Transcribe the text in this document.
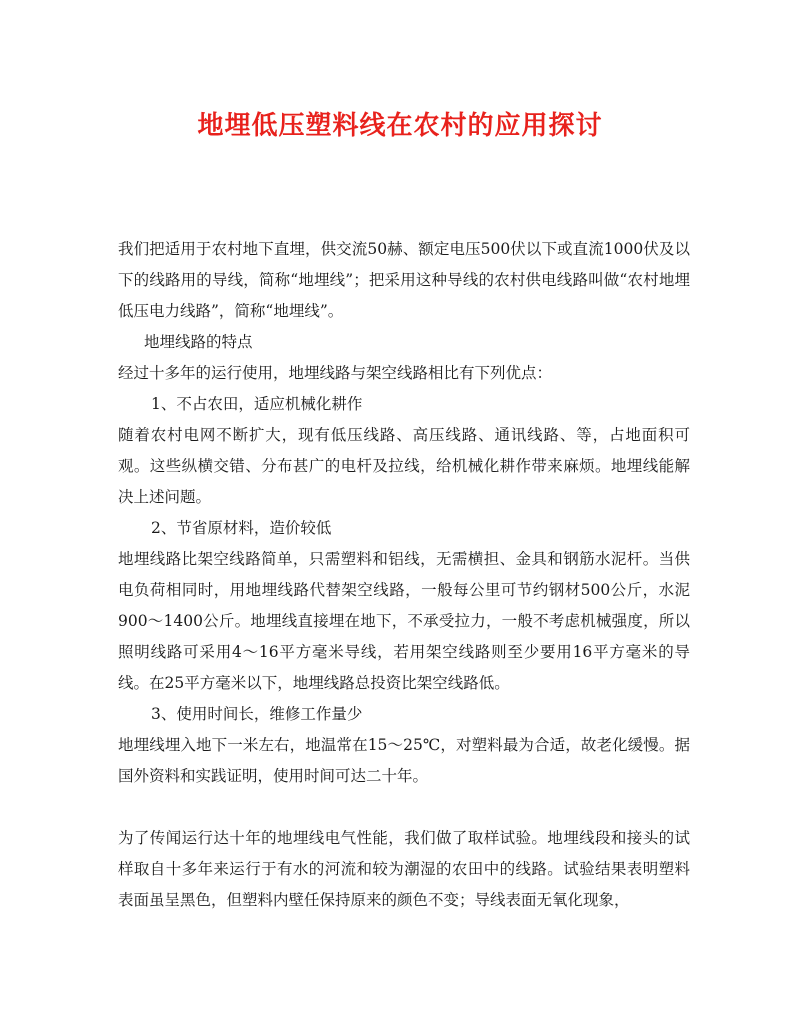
地埋低压塑料线在农村的应用探讨

我们把适用于农村地下直埋，供交流50赫、额定电压500伏以下或直流1000伏及以下的线路用的导线，简称“地埋线”；把采用这种导线的农村供电线路叫做“农村地埋低压电力线路”，简称“地埋线”。

地埋线路的特点

经过十多年的运行使用，地埋线路与架空线路相比有下列优点：

1、不占农田，适应机械化耕作

随着农村电网不断扩大，现有低压线路、高压线路、通讯线路、等，占地面积可观。这些纵横交错、分布甚广的电杆及拉线，给机械化耕作带来麻烦。地埋线能解决上述问题。

2、节省原材料，造价较低

地埋线路比架空线路简单，只需塑料和铝线，无需横担、金具和钢筋水泥杆。当供电负荷相同时，用地埋线路代替架空线路，一般每公里可节约钢材500公斤，水泥900～1400公斤。地埋线直接埋在地下，不承受拉力，一般不考虑机械强度，所以照明线路可采用4～16平方毫米导线，若用架空线路则至少要用16平方毫米的导线。在25平方毫米以下，地埋线路总投资比架空线路低。

3、使用时间长，维修工作量少

地埋线埋入地下一米左右，地温常在15～25℃，对塑料最为合适，故老化缓慢。据国外资料和实践证明，使用时间可达二十年。

为了传闻运行达十年的地埋线电气性能，我们做了取样试验。地埋线段和接头的试样取自十多年来运行于有水的河流和较为潮湿的农田中的线路。试验结果表明塑料表面虽呈黑色，但塑料内壁任保持原来的颜色不变；导线表面无氧化现象，
